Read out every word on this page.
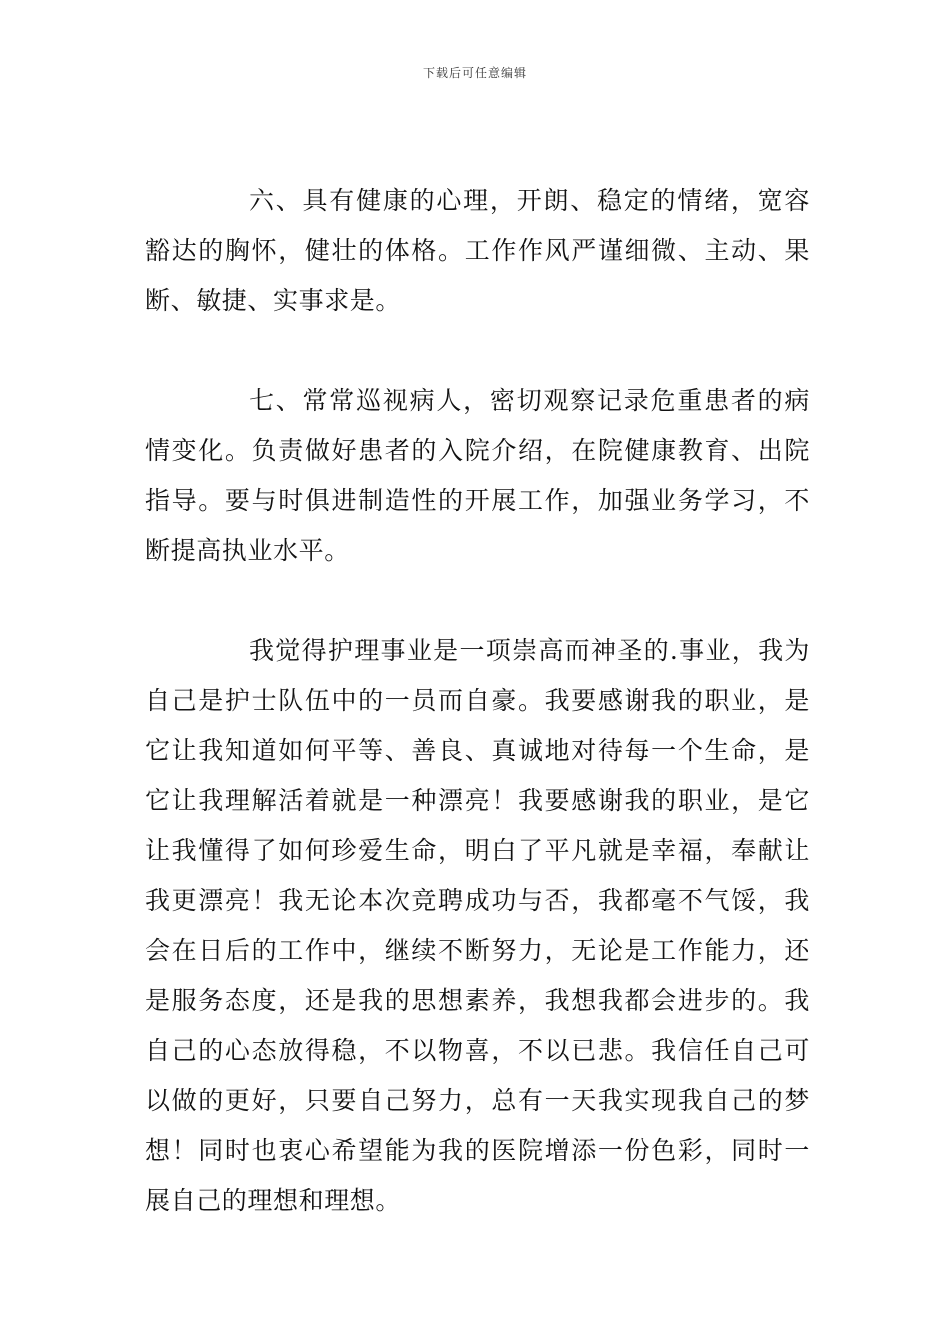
下载后可任意编辑

六、具有健康的心理，开朗、稳定的情绪，宽容豁达的胸怀，健壮的体格。工作作风严谨细微、主动、果断、敏捷、实事求是。

七、常常巡视病人，密切观察记录危重患者的病情变化。负责做好患者的入院介绍，在院健康教育、出院指导。要与时俱进制造性的开展工作，加强业务学习，不断提高执业水平。

我觉得护理事业是一项崇高而神圣的.事业，我为自己是护士队伍中的一员而自豪。我要感谢我的职业，是它让我知道如何平等、善良、真诚地对待每一个生命，是它让我理解活着就是一种漂亮！我要感谢我的职业，是它让我懂得了如何珍爱生命，明白了平凡就是幸福，奉献让我更漂亮！我无论本次竞聘成功与否，我都毫不气馁，我会在日后的工作中，继续不断努力，无论是工作能力，还是服务态度，还是我的思想素养，我想我都会进步的。我自己的心态放得稳，不以物喜，不以已悲。我信任自己可以做的更好，只要自己努力，总有一天我实现我自己的梦想！同时也衷心希望能为我的医院增添一份色彩，同时一展自己的理想和理想。
